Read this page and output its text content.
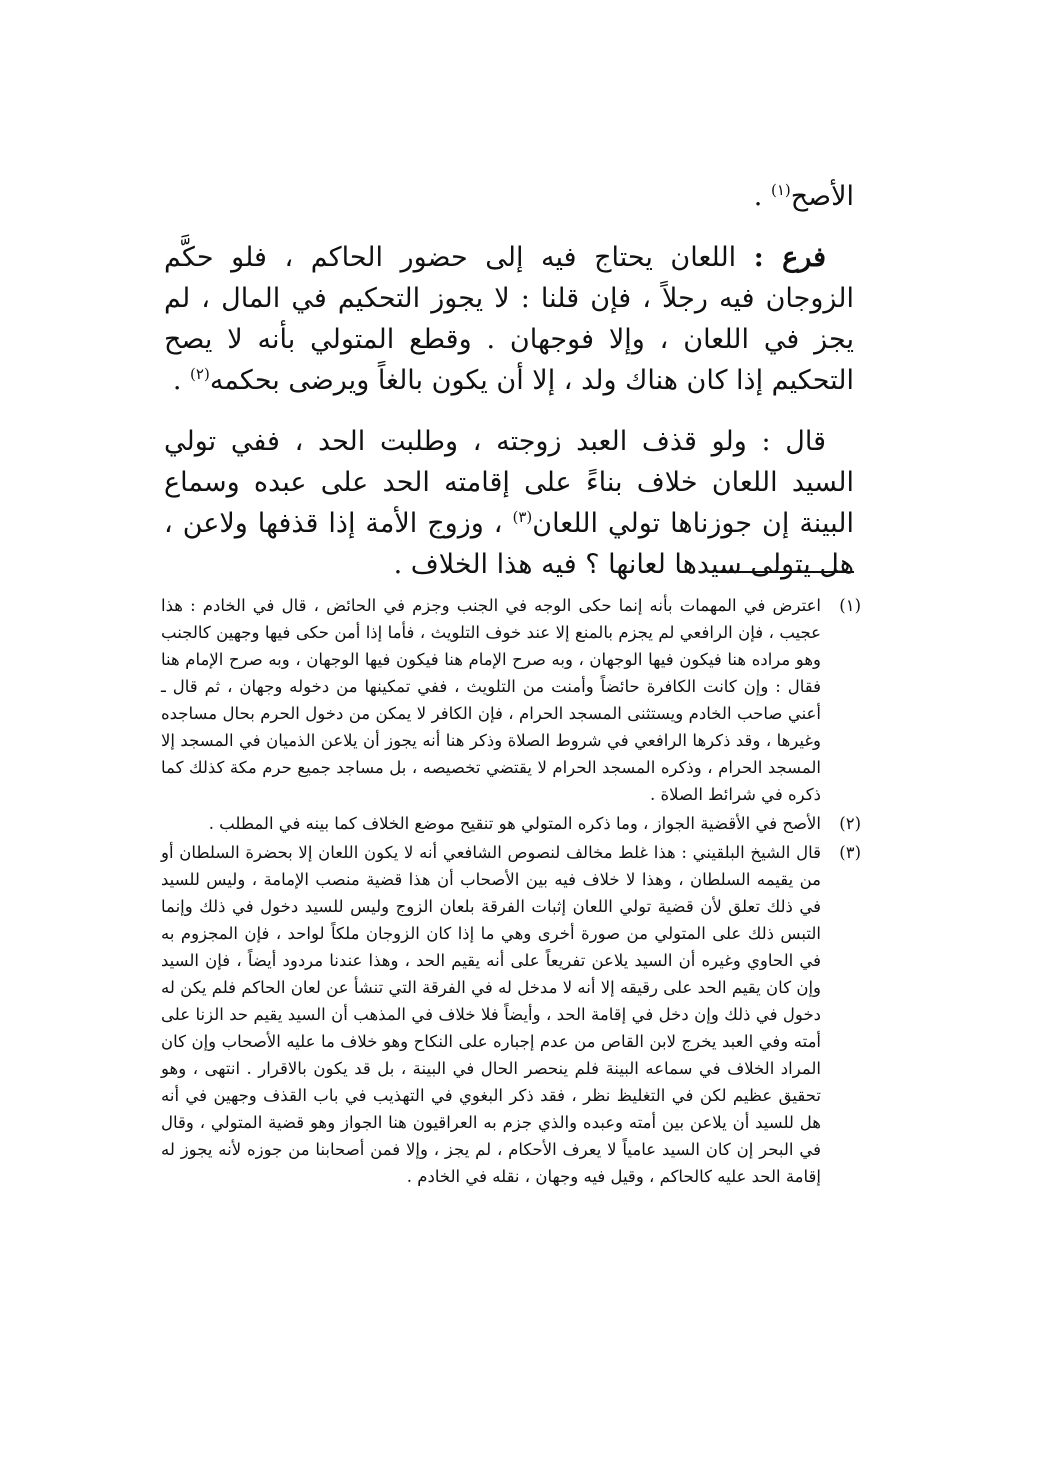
الأصح$^{(١)}$ .

فرع : اللعان يحتاج فيه إلى حضور الحاكم ، فلو حكَّم الزوجان فيه رجلاً ، فإن قلنا : لا يجوز التحكيم في المال ، لم يجز في اللعان ، وإلا فوجهان . وقطع المتولي بأنه لا يصح التحكيم إذا كان هناك ولد ، إلا أن يكون بالغاً ويرضى بحكمه$^{(٢)}$ .

قال : ولو قذف العبد زوجته ، وطلبت الحد ، ففي تولي السيد اللعان خلاف بناءً على إقامته الحد على عبده وسماع البينة إن جوزناها تولي اللعان$^{(٣)}$ ، وزوج الأمة إذا قذفها ولاعن ، هل يتولى سيدها لعانها ؟ فيه هذا الخلاف .

(١)
اعترض في المهمات بأنه إنما حكى الوجه في الجنب وجزم في الحائض ، قال في الخادم : هذا عجيب ، فإن الرافعي لم يجزم بالمنع إلا عند خوف التلويث ، فأما إذا أمن حكى فيها وجهين كالجنب وهو مراده هنا فيكون فيها الوجهان ، وبه صرح الإمام هنا فيكون فيها الوجهان ، وبه صرح الإمام هنا فقال : وإن كانت الكافرة حائضاً وأمنت من التلويث ، ففي تمكينها من دخوله وجهان ، ثم قال ـ أعني صاحب الخادم ويستثنى المسجد الحرام ، فإن الكافر لا يمكن من دخول الحرم بحال مساجده وغيرها ، وقد ذكرها الرافعي في شروط الصلاة وذكر هنا أنه يجوز أن يلاعن الذميان في المسجد إلا المسجد الحرام ، وذكره المسجد الحرام لا يقتضي تخصيصه ، بل مساجد جميع حرم مكة كذلك كما ذكره في شرائط الصلاة .
(٢)
الأصح في الأقضية الجواز ، وما ذكره المتولي هو تنقيح موضع الخلاف كما بينه في المطلب .
(٣)
قال الشيخ البلقيني : هذا غلط مخالف لنصوص الشافعي أنه لا يكون اللعان إلا بحضرة السلطان أو من يقيمه السلطان ، وهذا لا خلاف فيه بين الأصحاب أن هذا قضية منصب الإمامة ، وليس للسيد في ذلك تعلق لأن قضية تولي اللعان إثبات الفرقة بلعان الزوج وليس للسيد دخول في ذلك وإنما التبس ذلك على المتولي من صورة أخرى وهي ما إذا كان الزوجان ملكاً لواحد ، فإن المجزوم به في الحاوي وغيره أن السيد يلاعن تفريعاً على أنه يقيم الحد ، وهذا عندنا مردود أيضاً ، فإن السيد وإن كان يقيم الحد على رقيقه إلا أنه لا مدخل له في الفرقة التي تنشأ عن لعان الحاكم فلم يكن له دخول في ذلك وإن دخل في إقامة الحد ، وأيضاً فلا خلاف في المذهب أن السيد يقيم حد الزنا على أمته وفي العبد يخرج لابن القاص من عدم إجباره على النكاح وهو خلاف ما عليه الأصحاب وإن كان المراد الخلاف في سماعه البينة فلم ينحصر الحال في البينة ، بل قد يكون بالاقرار . انتهى ، وهو تحقيق عظيم لكن في التغليظ نظر ، فقد ذكر البغوي في التهذيب في باب القذف وجهين في أنه هل للسيد أن يلاعن بين أمته وعبده والذي جزم به العراقيون هنا الجواز وهو قضية المتولي ، وقال في البحر إن كان السيد عامياً لا يعرف الأحكام ، لم يجز ، وإلا فمن أصحابنا من جوزه لأنه يجوز له إقامة الحد عليه كالحاكم ، وقيل فيه وجهان ، نقله في الخادم .
